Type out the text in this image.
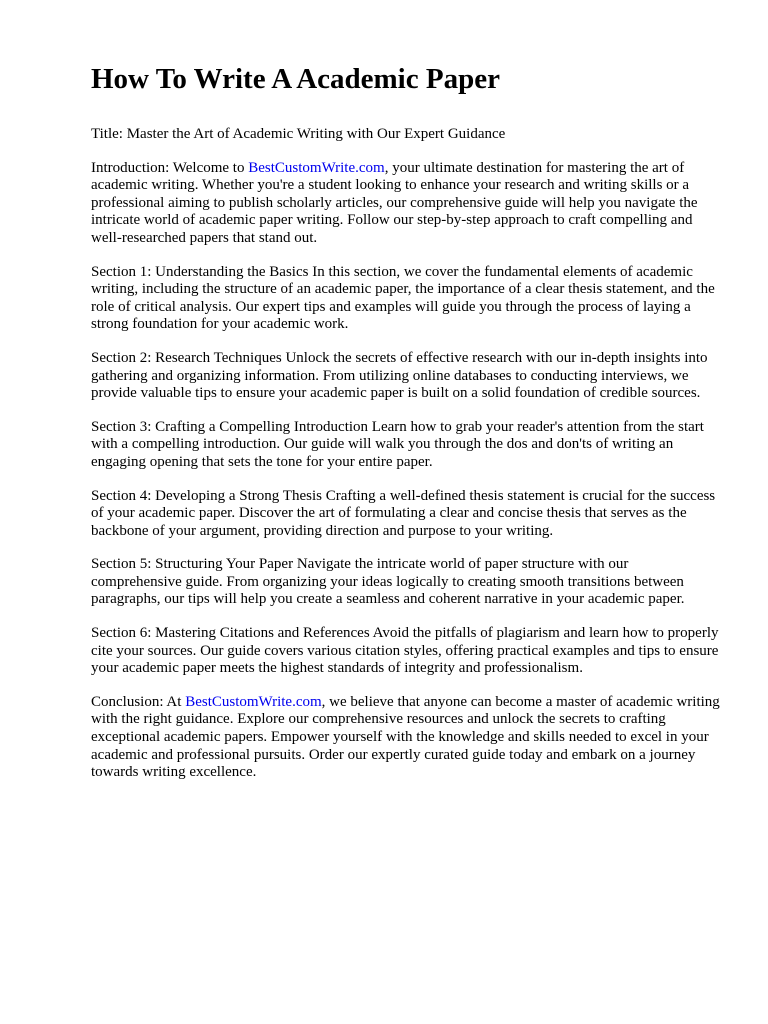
How To Write A Academic Paper

Title: Master the Art of Academic Writing with Our Expert Guidance

Introduction: Welcome to BestCustomWrite.com, your ultimate destination for mastering the art of academic writing. Whether you're a student looking to enhance your research and writing skills or a professional aiming to publish scholarly articles, our comprehensive guide will help you navigate the intricate world of academic paper writing. Follow our step-by-step approach to craft compelling and well-researched papers that stand out.

Section 1: Understanding the Basics In this section, we cover the fundamental elements of academic writing, including the structure of an academic paper, the importance of a clear thesis statement, and the role of critical analysis. Our expert tips and examples will guide you through the process of laying a strong foundation for your academic work.

Section 2: Research Techniques Unlock the secrets of effective research with our in-depth insights into gathering and organizing information. From utilizing online databases to conducting interviews, we provide valuable tips to ensure your academic paper is built on a solid foundation of credible sources.

Section 3: Crafting a Compelling Introduction Learn how to grab your reader's attention from the start with a compelling introduction. Our guide will walk you through the dos and don'ts of writing an engaging opening that sets the tone for your entire paper.

Section 4: Developing a Strong Thesis Crafting a well-defined thesis statement is crucial for the success of your academic paper. Discover the art of formulating a clear and concise thesis that serves as the backbone of your argument, providing direction and purpose to your writing.

Section 5: Structuring Your Paper Navigate the intricate world of paper structure with our comprehensive guide. From organizing your ideas logically to creating smooth transitions between paragraphs, our tips will help you create a seamless and coherent narrative in your academic paper.

Section 6: Mastering Citations and References Avoid the pitfalls of plagiarism and learn how to properly cite your sources. Our guide covers various citation styles, offering practical examples and tips to ensure your academic paper meets the highest standards of integrity and professionalism.

Conclusion: At BestCustomWrite.com, we believe that anyone can become a master of academic writing with the right guidance. Explore our comprehensive resources and unlock the secrets to crafting exceptional academic papers. Empower yourself with the knowledge and skills needed to excel in your academic and professional pursuits. Order our expertly curated guide today and embark on a journey towards writing excellence.
